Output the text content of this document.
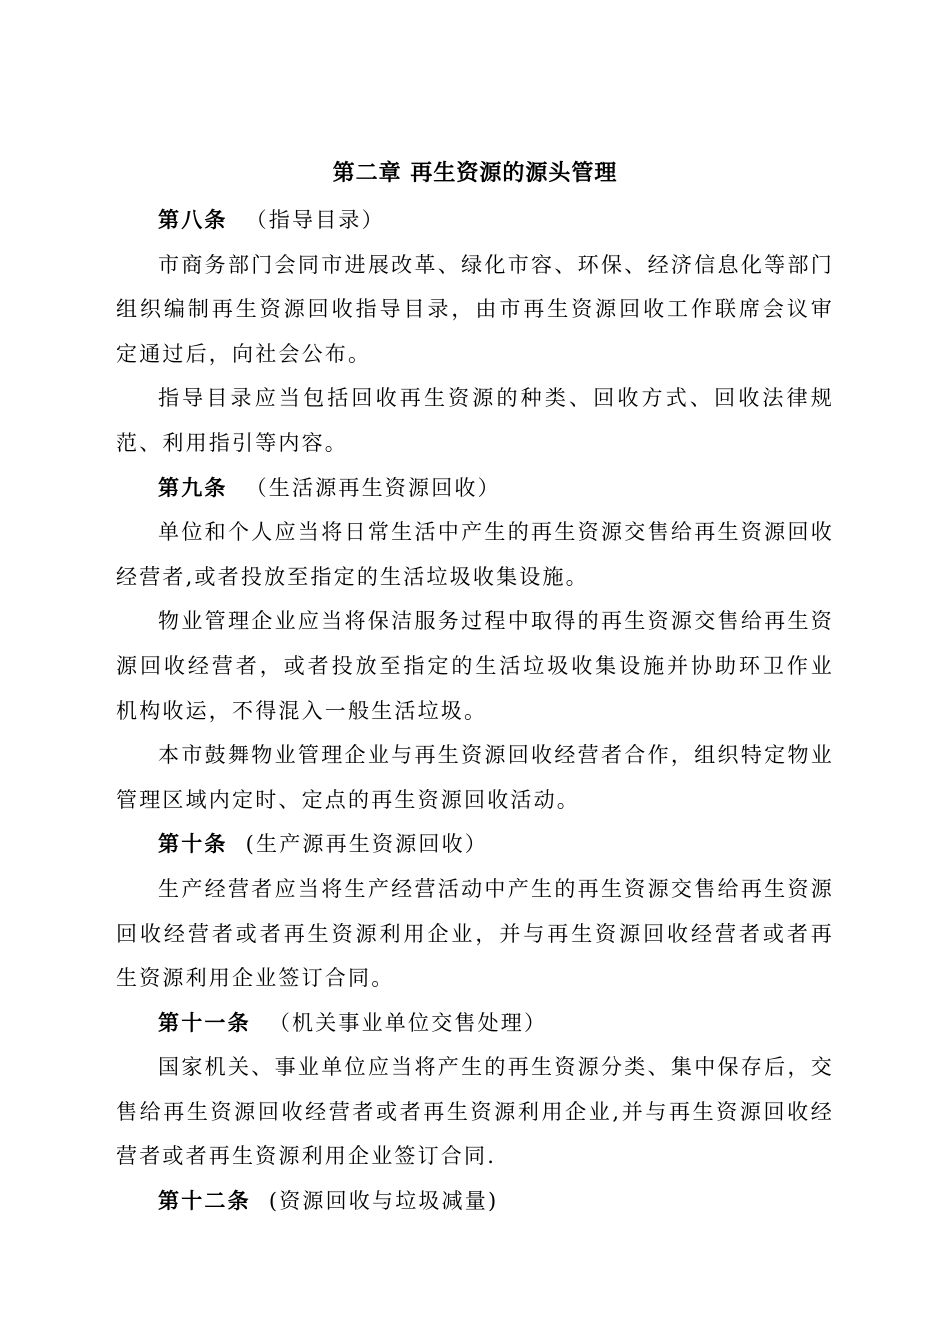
第二章 再生资源的源头管理
第八条 （指导目录）

市商务部门会同市进展改革、绿化市容、环保、经济信息化等部门组织编制再生资源回收指导目录，由市再生资源回收工作联席会议审定通过后，向社会公布。

指导目录应当包括回收再生资源的种类、回收方式、回收法律规范、利用指引等内容。

第九条 （生活源再生资源回收）

单位和个人应当将日常生活中产生的再生资源交售给再生资源回收经营者,或者投放至指定的生活垃圾收集设施。

物业管理企业应当将保洁服务过程中取得的再生资源交售给再生资源回收经营者，或者投放至指定的生活垃圾收集设施并协助环卫作业机构收运，不得混入一般生活垃圾。

本市鼓舞物业管理企业与再生资源回收经营者合作，组织特定物业管理区域内定时、定点的再生资源回收活动。

第十条 (生产源再生资源回收）

生产经营者应当将生产经营活动中产生的再生资源交售给再生资源回收经营者或者再生资源利用企业，并与再生资源回收经营者或者再生资源利用企业签订合同。

第十一条 （机关事业单位交售处理）

国家机关、事业单位应当将产生的再生资源分类、集中保存后，交售给再生资源回收经营者或者再生资源利用企业,并与再生资源回收经营者或者再生资源利用企业签订合同.

第十二条 (资源回收与垃圾减量)
